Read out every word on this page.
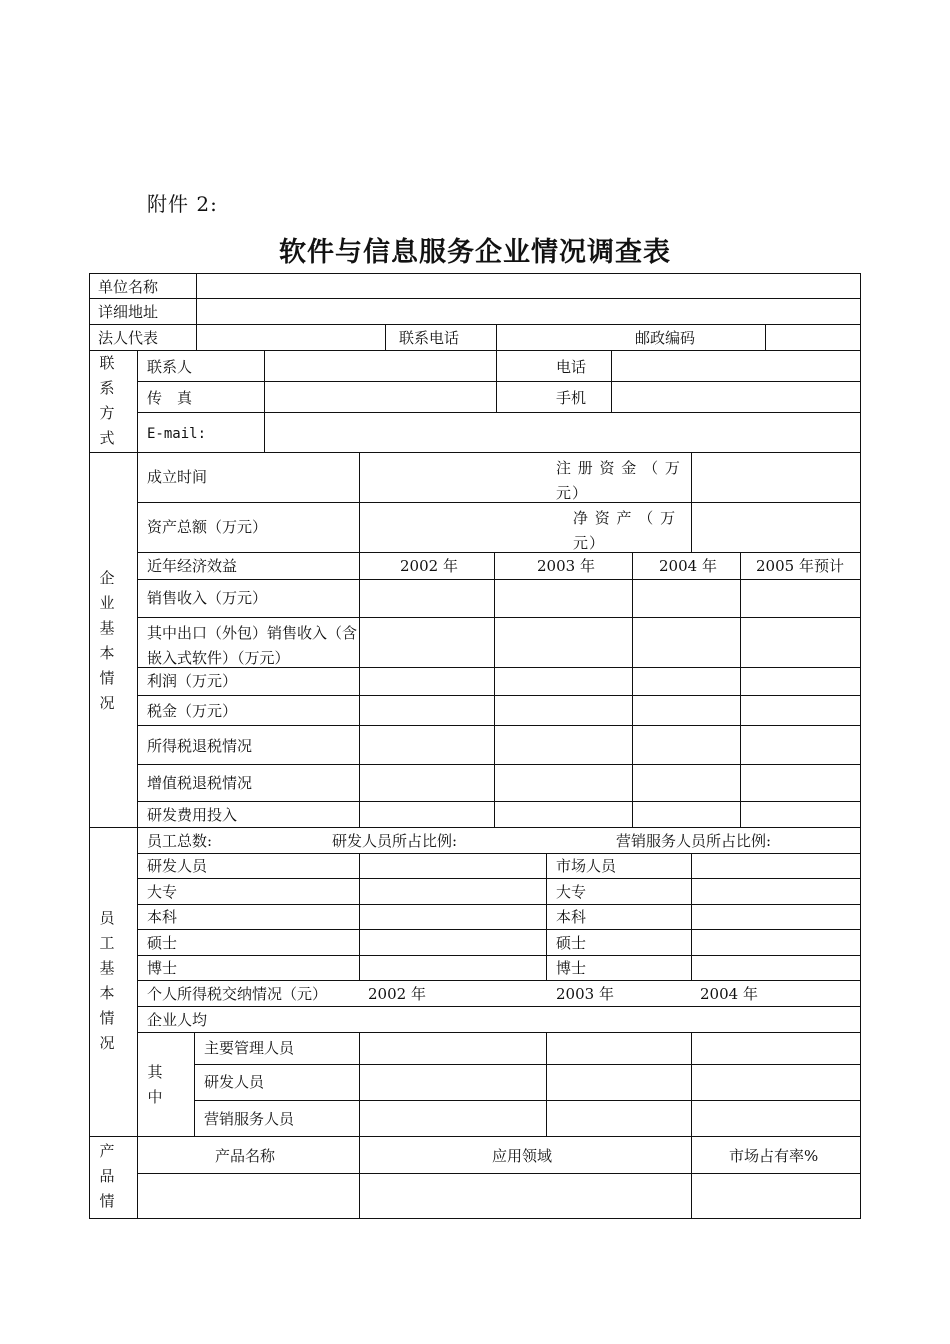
附件 2:
软件与信息服务企业情况调查表
单位名称
详细地址
法人代表	联系电话	邮政编码
联系方式
联系人	电话
传　真	手机
E-mail:
企业基本情况
成立时间	注 册 资 金 （ 万元）
资产总额（万元）	净 资 产 （ 万元）
近年经济效益	2002 年	2003 年	2004 年	2005 年预计
销售收入（万元）
其中出口（外包）销售收入（含嵌入式软件）（万元）
利润（万元）
税金（万元）
所得税退税情况
增值税退税情况
研发费用投入
员工基本情况
员工总数:	研发人员所占比例:	营销服务人员所占比例:
研发人员	市场人员
大专	大专
本科	本科
硕士	硕士
博士	博士
个人所得税交纳情况（元）	2002 年	2003 年	2004 年
企业人均
其中
主要管理人员
研发人员
营销服务人员
产品情
产品名称	应用领域	市场占有率%
